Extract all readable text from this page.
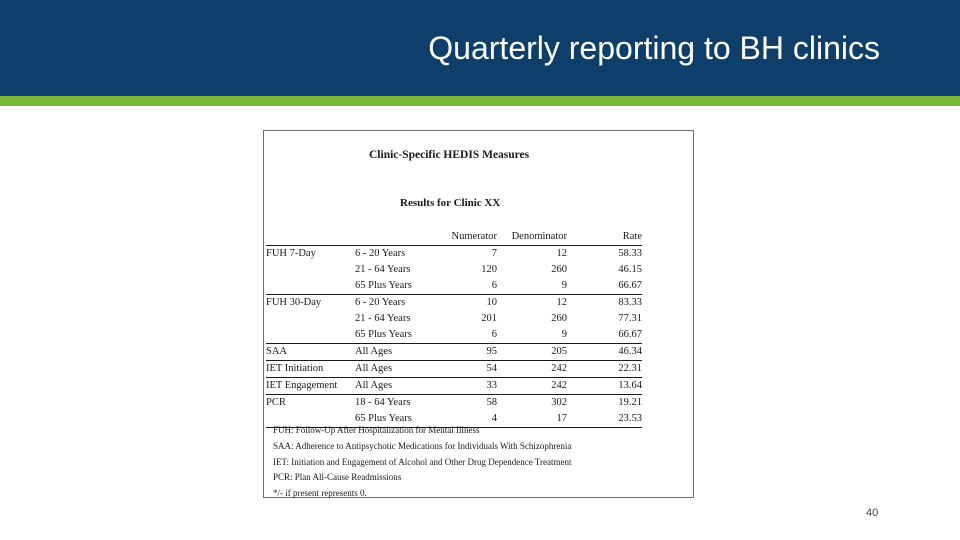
Quarterly reporting to BH clinics
Clinic-Specific HEDIS Measures
Results for Clinic XX
		Numerator	Denominator	Rate
FUH 7-Day	6 - 20 Years	7	12	58.33
	21 - 64 Years	120	260	46.15
	65 Plus Years	6	9	66.67
FUH 30-Day	6 - 20 Years	10	12	83.33
	21 - 64 Years	201	260	77.31
	65 Plus Years	6	9	66.67
SAA	All Ages	95	205	46.34
IET Initiation	All Ages	54	242	22.31
IET Engagement	All Ages	33	242	13.64
PCR	18 - 64 Years	58	302	19.21
	65 Plus Years	4	17	23.53
FUH: Follow-Up After Hospitalization for Mental Illness
SAA: Adherence to Antipsychotic Medications for Individuals With Schizophrenia
IET: Initiation and Engagement of Alcohol and Other Drug Dependence Treatment
PCR: Plan All-Cause Readmissions
*/- if present represents 0.
40
